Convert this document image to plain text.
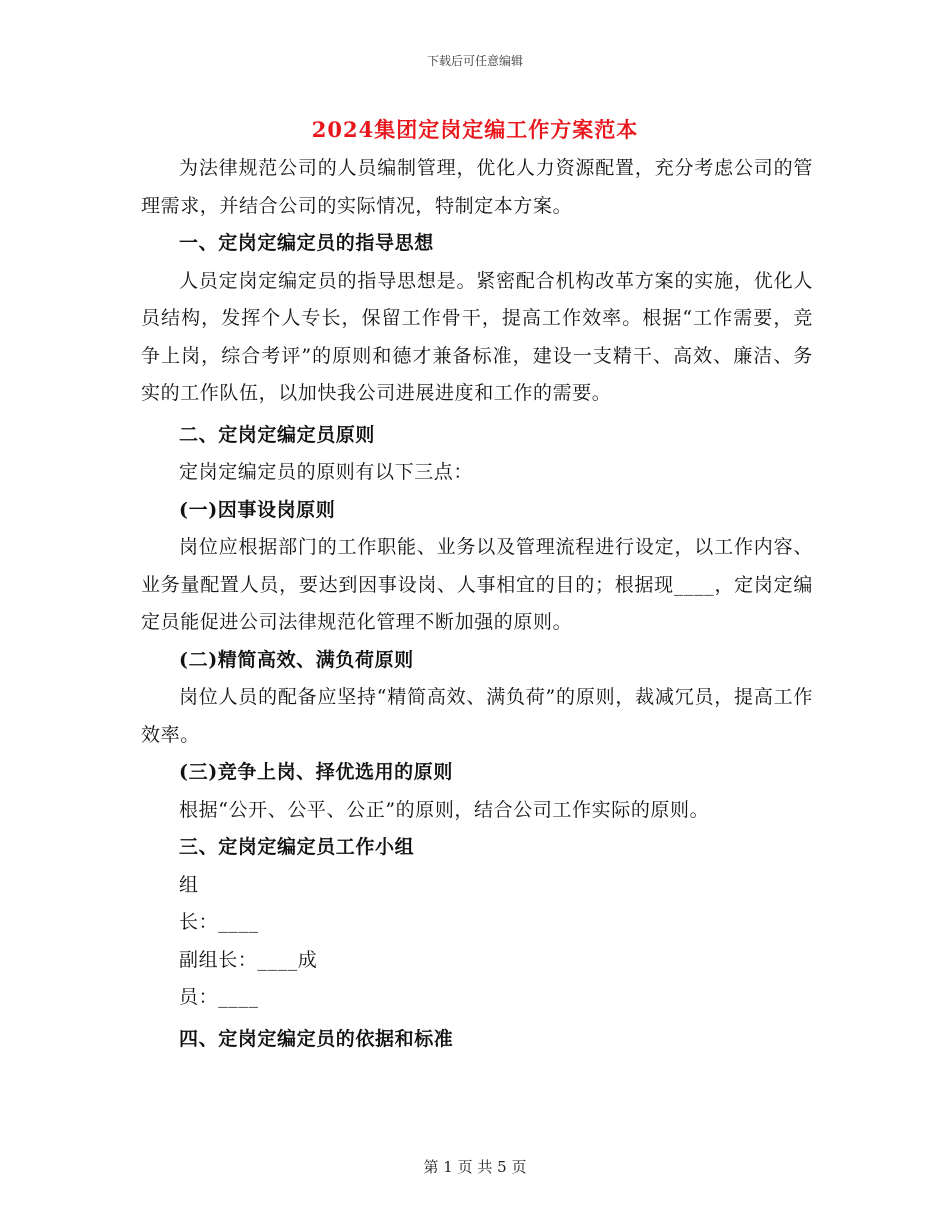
下载后可任意编辑
2024集团定岗定编工作方案范本

为法律规范公司的人员编制管理，优化人力资源配置，充分考虑公司的管理需求，并结合公司的实际情况，特制定本方案。

一、定岗定编定员的指导思想

人员定岗定编定员的指导思想是。紧密配合机构改革方案的实施，优化人员结构，发挥个人专长，保留工作骨干，提高工作效率。根据“工作需要，竞争上岗，综合考评”的原则和德才兼备标准，建设一支精干、高效、廉洁、务实的工作队伍，以加快我公司进展进度和工作的需要。

二、定岗定编定员原则

定岗定编定员的原则有以下三点：

(一)因事设岗原则

岗位应根据部门的工作职能、业务以及管理流程进行设定，以工作内容、业务量配置人员，要达到因事设岗、人事相宜的目的；根据现____，定岗定编定员能促进公司法律规范化管理不断加强的原则。

(二)精简高效、满负荷原则

岗位人员的配备应坚持“精简高效、满负荷”的原则，裁减冗员，提高工作效率。

(三)竞争上岗、择优选用的原则

根据“公开、公平、公正”的原则，结合公司工作实际的原则。

三、定岗定编定员工作小组

组

长：____

副组长：____成

员：____

四、定岗定编定员的依据和标准

第 1 页 共 5 页
